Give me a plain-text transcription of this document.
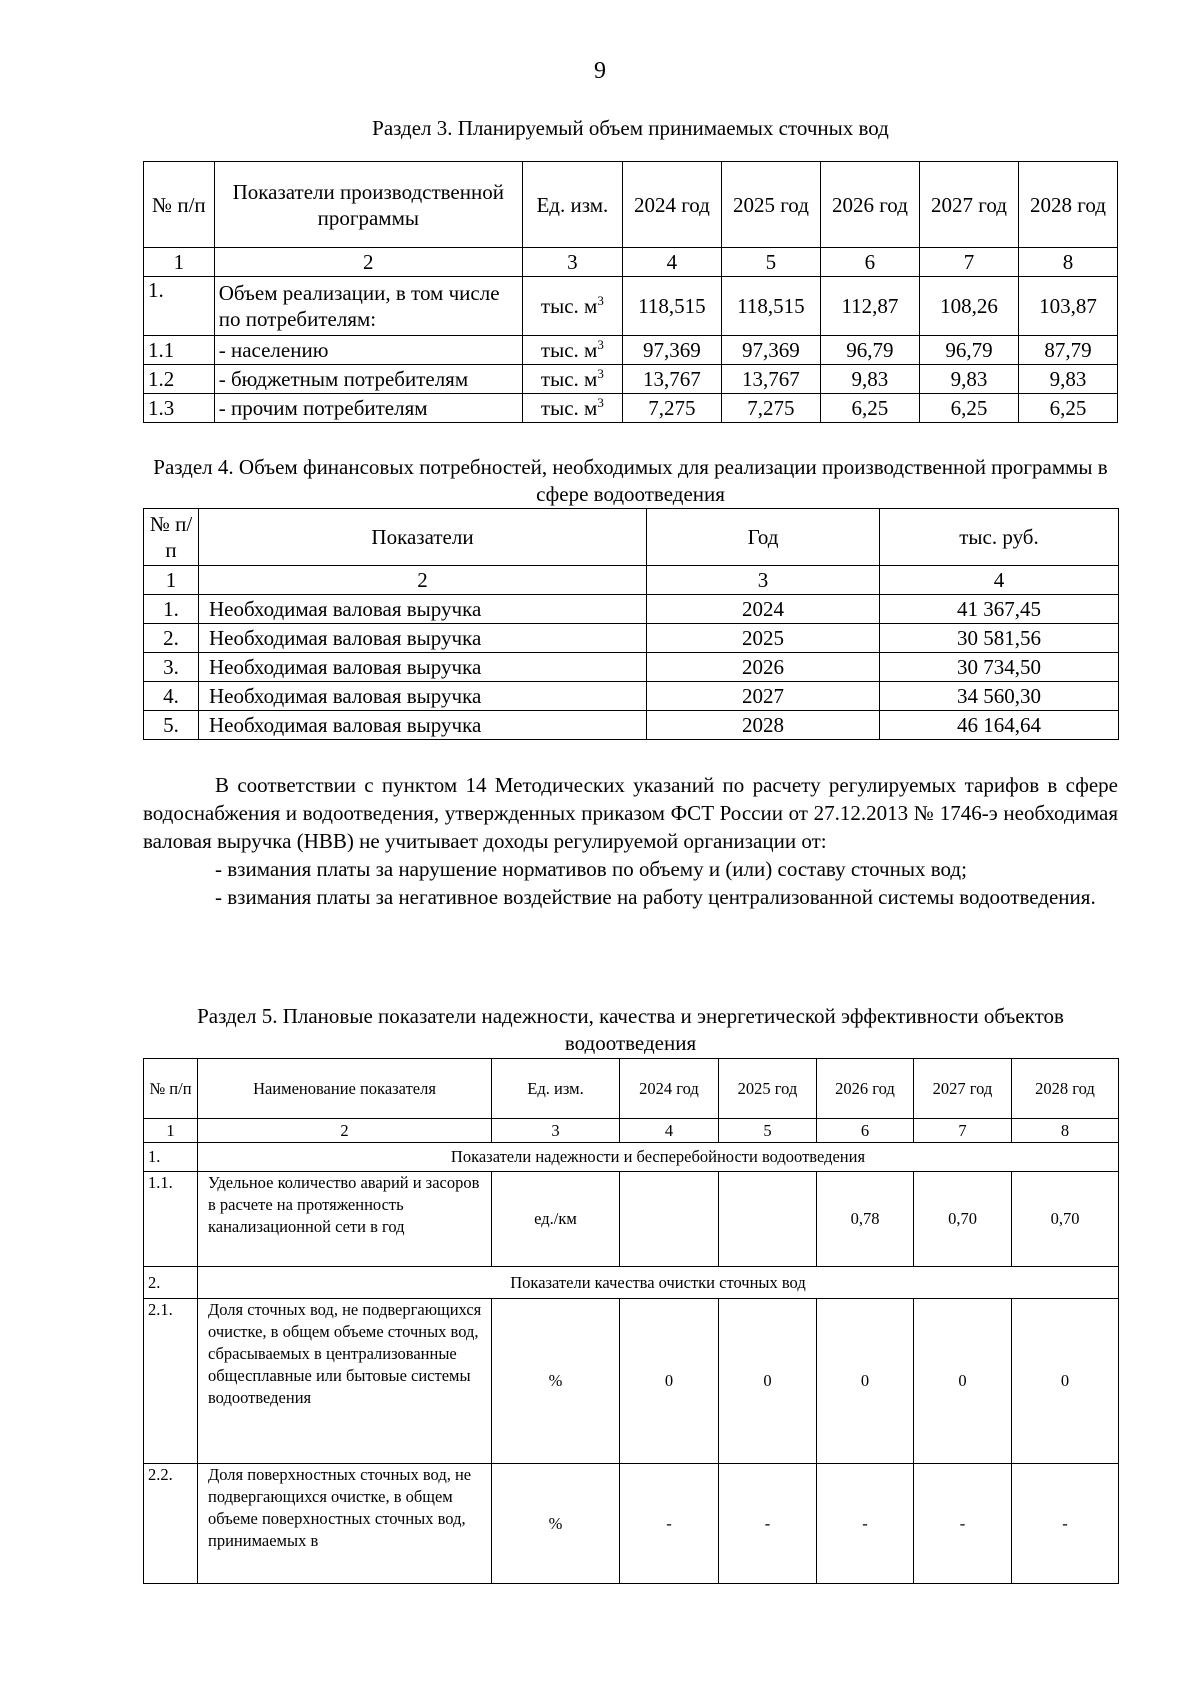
9
Раздел 3. Планируемый объем принимаемых сточных вод
№ п/п	Показатели производственной программы	Ед. изм.	2024 год	2025 год	2026 год	2027 год	2028 год
1	2	3	4	5	6	7	8
1.	Объем реализации, в том числе по потребителям:	тыс. $м^3$	118,515	118,515	112,87	108,26	103,87
1.1	- населению	тыс. $м^3$	97,369	97,369	96,79	96,79	87,79
1.2	- бюджетным потребителям	тыс. $м^3$	13,767	13,767	9,83	9,83	9,83
1.3	- прочим потребителям	тыс. $м^3$	7,275	7,275	6,25	6,25	6,25
Раздел 4. Объем финансовых потребностей, необходимых для реализации производственной программы в сфере водоотведения
№ п/п	Показатели	Год	тыс. руб.
1	2	3	4
1.	Необходимая валовая выручка	2024	41 367,45
2.	Необходимая валовая выручка	2025	30 581,56
3.	Необходимая валовая выручка	2026	30 734,50
4.	Необходимая валовая выручка	2027	34 560,30
5.	Необходимая валовая выручка	2028	46 164,64

В соответствии с пунктом 14 Методических указаний по расчету регулируемых тарифов в сфере водоснабжения и водоотведения, утвержденных приказом ФСТ России от 27.12.2013 № 1746-э необходимая валовая выручка (НВВ) не учитывает доходы регулируемой организации от:

- взимания платы за нарушение нормативов по объему и (или) составу сточных вод;

- взимания платы за негативное воздействие на работу централизованной системы водоотведения.

Раздел 5. Плановые показатели надежности, качества и энергетической эффективности объектов водоотведения
№ п/п	Наименование показателя	Ед. изм.	2024 год	2025 год	2026 год	2027 год	2028 год
1	2	3	4	5	6	7	8
1.	Показатели надежности и бесперебойности водоотведения						
1.1.	Удельное количество аварий и засоров в расчете на протяженность канализационной сети в год	ед./км			0,78	0,70	0,70
2.	Показатели качества очистки сточных вод						
2.1.	Доля сточных вод, не подвергающихся очистке, в общем объеме сточных вод, сбрасываемых в централизованные общесплавные или бытовые системы водоотведения	%	0	0	0	0	0
2.2.	Доля поверхностных сточных вод, не подвергающихся очистке, в общем объеме поверхностных сточных вод, принимаемых в	%	-	-	-	-	-
